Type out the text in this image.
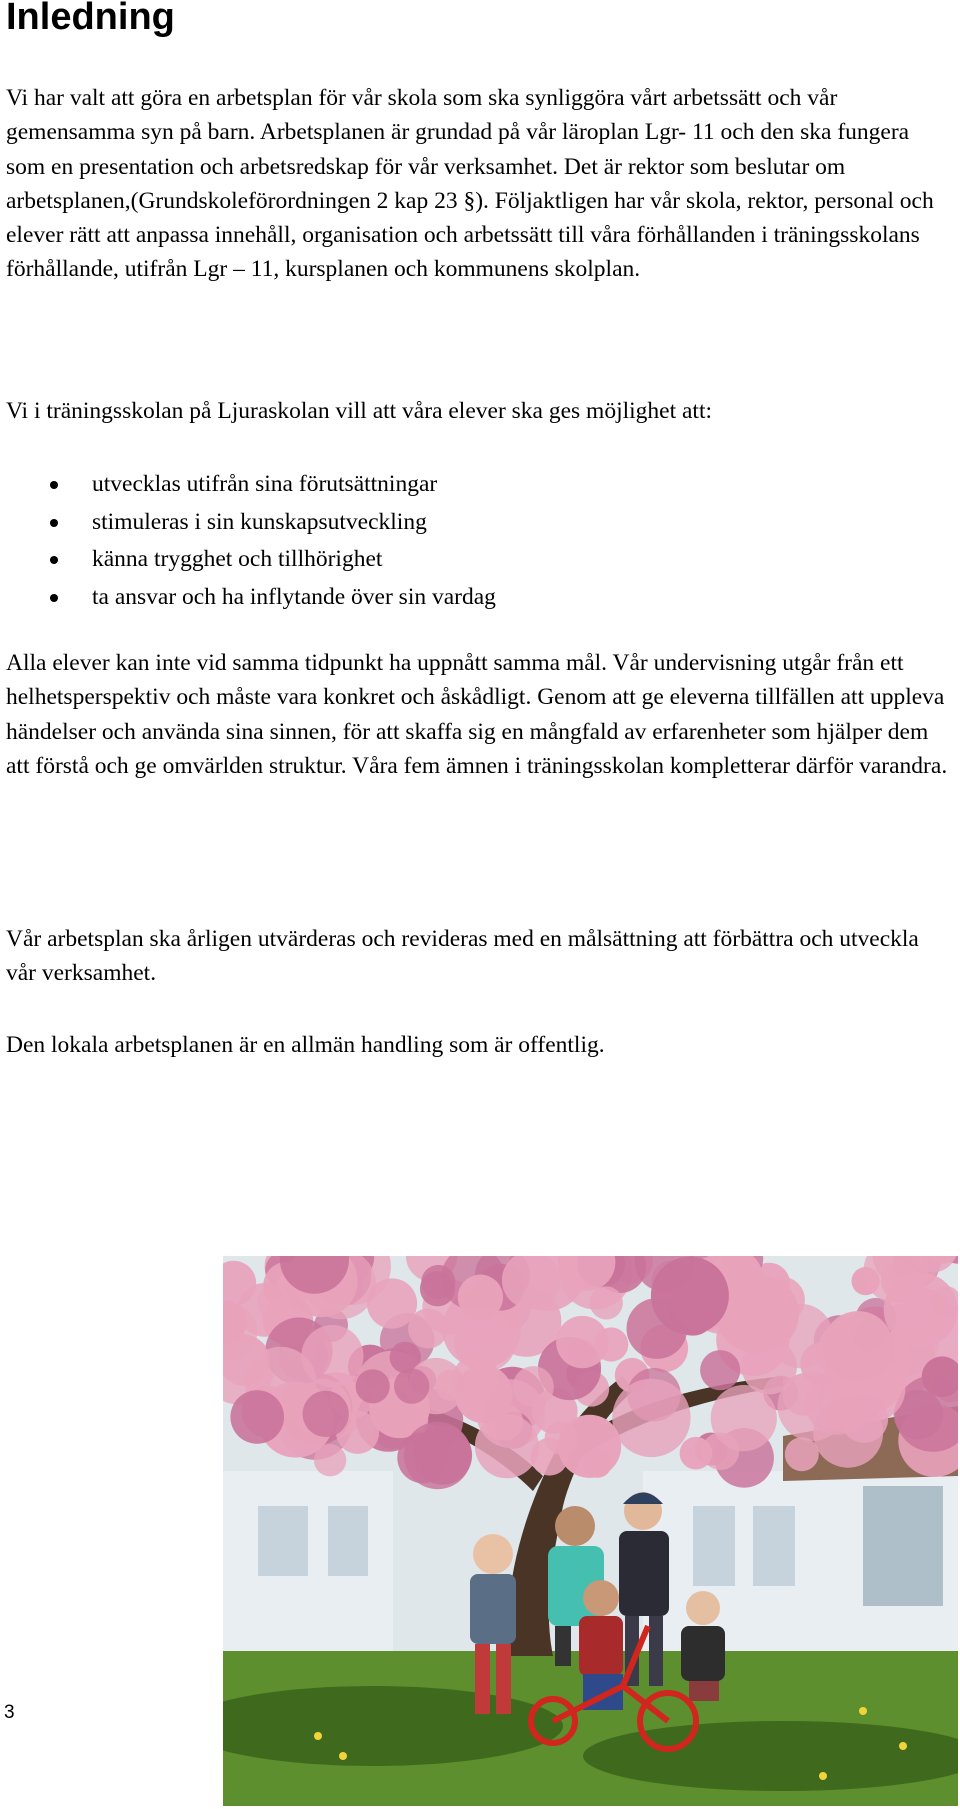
Inledning

Vi har valt att göra en arbetsplan för vår skola som ska synliggöra vårt arbetssätt och vår gemensamma syn på barn. Arbetsplanen är grundad på vår läroplan Lgr- 11 och den ska fungera som en presentation och arbetsredskap för vår verksamhet. Det är rektor som beslutar om arbetsplanen,(Grundskoleförordningen 2 kap 23 §). Följaktligen har vår skola, rektor, personal och elever rätt att anpassa innehåll, organisation och arbetssätt till våra förhållanden i träningsskolans förhållande, utifrån Lgr – 11, kursplanen och kommunens skolplan.

Vi i träningsskolan på Ljuraskolan vill att våra elever ska ges möjlighet att:

utvecklas utifrån sina förutsättningar
stimuleras i sin kunskapsutveckling
känna trygghet och tillhörighet
ta ansvar och ha inflytande över sin vardag

Alla elever kan inte vid samma tidpunkt ha uppnått samma mål. Vår undervisning utgår från ett helhetsperspektiv och måste vara konkret och åskådligt. Genom att ge eleverna tillfällen att uppleva händelser och använda sina sinnen, för att skaffa sig en mångfald av erfarenheter som hjälper dem att förstå och ge omvärlden struktur. Våra fem ämnen i träningsskolan kompletterar därför varandra.

Vår arbetsplan ska årligen utvärderas och revideras med en målsättning att förbättra och utveckla vår verksamhet.

Den lokala arbetsplanen är en allmän handling som är offentlig.

3
